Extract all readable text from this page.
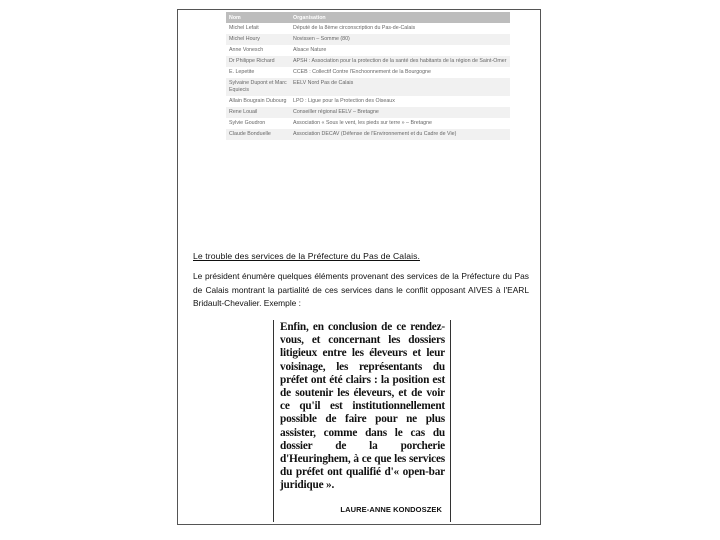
Nom	Organisation
Michel Lefait	Député de la 8ème circonscription du Pas-de-Calais
Michel Houry	Novissen – Somme (80)
Anne Vonesch	Alsace Nature
Dr Philippe Richard	APSH : Association pour la protection de la santé des habitants de la région de Saint-Omer
E. Lepetite	CCEB : Collectif Contre l'Enchoonnement de la Bourgogne
Sylvaine Dupont et Marc Equiecis	EELV Nord Pas de Calais
Allain Bougrain Dubourg	LPO : Ligue pour la Protection des Oiseaux
Rene Louail	Conseiller régional EELV – Bretagne
Sylvie Goudron	Association « Sous le vent, les pieds sur terre » – Bretagne
Claude Bonduelle	Association DECAV (Défense de l'Environnement et du Cadre de Vie)
Le trouble des services de la Préfecture du Pas de Calais.
Le président énumère quelques éléments provenant des services de la Préfecture du Pas de Calais montrant la partialité de ces services dans le conflit opposant AIVES à l'EARL Bridault-Chevalier. Exemple :
Enfin, en conclusion de ce rendez-vous, et concernant les dossiers litigieux entre les éleveurs et leur voisinage, les représentants du préfet ont été clairs : la position est de soutenir les éleveurs, et de voir ce qu'il est institutionnellement possible de faire pour ne plus assister, comme dans le cas du dossier de la porcherie d'Heuringhem, à ce que les services du préfet ont qualifié d'« open-bar juridique ».
LAURE-ANNE KONDOSZEK
